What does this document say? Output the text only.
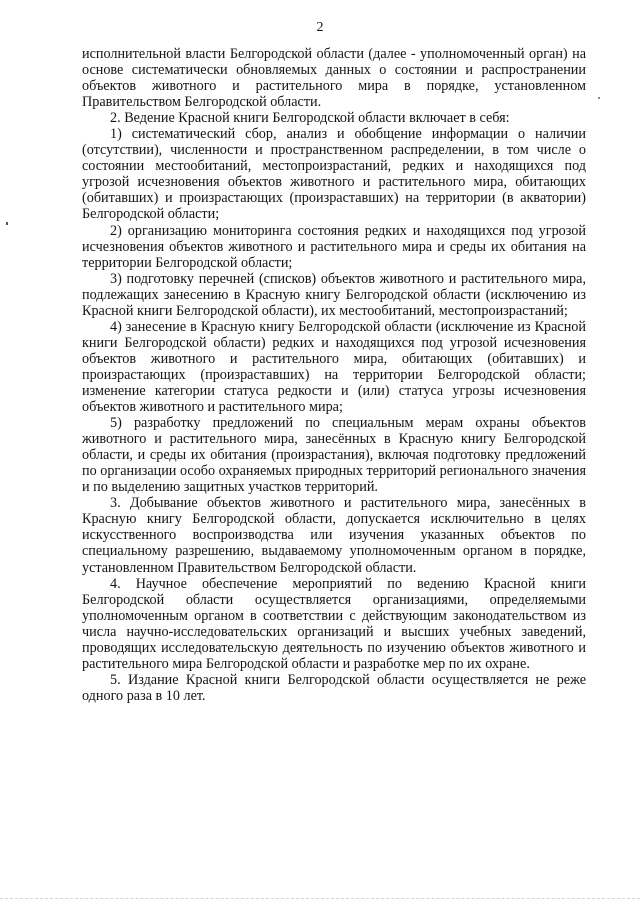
2

исполнительной власти Белгородской области (далее - уполномоченный орган) на основе систематически обновляемых данных о состоянии и распространении объектов животного и растительного мира в порядке, установленном Правительством Белгородской области.

2. Ведение Красной книги Белгородской области включает в себя:

1) систематический сбор, анализ и обобщение информации о наличии (отсутствии), численности и пространственном распределении, в том числе о состоянии местообитаний, местопроизрастаний, редких и находящихся под угрозой исчезновения объектов животного и растительного мира, обитающих (обитавших) и произрастающих (произраставших) на территории (в акватории) Белгородской области;

2) организацию мониторинга состояния редких и находящихся под угрозой исчезновения объектов животного и растительного мира и среды их обитания на территории Белгородской области;

3) подготовку перечней (списков) объектов животного и растительного мира, подлежащих занесению в Красную книгу Белгородской области (исключению из Красной книги Белгородской области), их местообитаний, местопроизрастаний;

4) занесение в Красную книгу Белгородской области (исключение из Красной книги Белгородской области) редких и находящихся под угрозой исчезновения объектов животного и растительного мира, обитающих (обитавших) и произрастающих (произраставших) на территории Белгородской области; изменение категории статуса редкости и (или) статуса угрозы исчезновения объектов животного и растительного мира;

5) разработку предложений по специальным мерам охраны объектов животного и растительного мира, занесённых в Красную книгу Белгородской области, и среды их обитания (произрастания), включая подготовку предложений по организации особо охраняемых природных территорий регионального значения и по выделению защитных участков территорий.

3. Добывание объектов животного и растительного мира, занесённых в Красную книгу Белгородской области, допускается исключительно в целях искусственного воспроизводства или изучения указанных объектов по специальному разрешению, выдаваемому уполномоченным органом в порядке, установленном Правительством Белгородской области.

4. Научное обеспечение мероприятий по ведению Красной книги Белгородской области осуществляется организациями, определяемыми уполномоченным органом в соответствии с действующим законодательством из числа научно-исследовательских организаций и высших учебных заведений, проводящих исследовательскую деятельность по изучению объектов животного и растительного мира Белгородской области и разработке мер по их охране.

5. Издание Красной книги Белгородской области осуществляется не реже одного раза в 10 лет.
